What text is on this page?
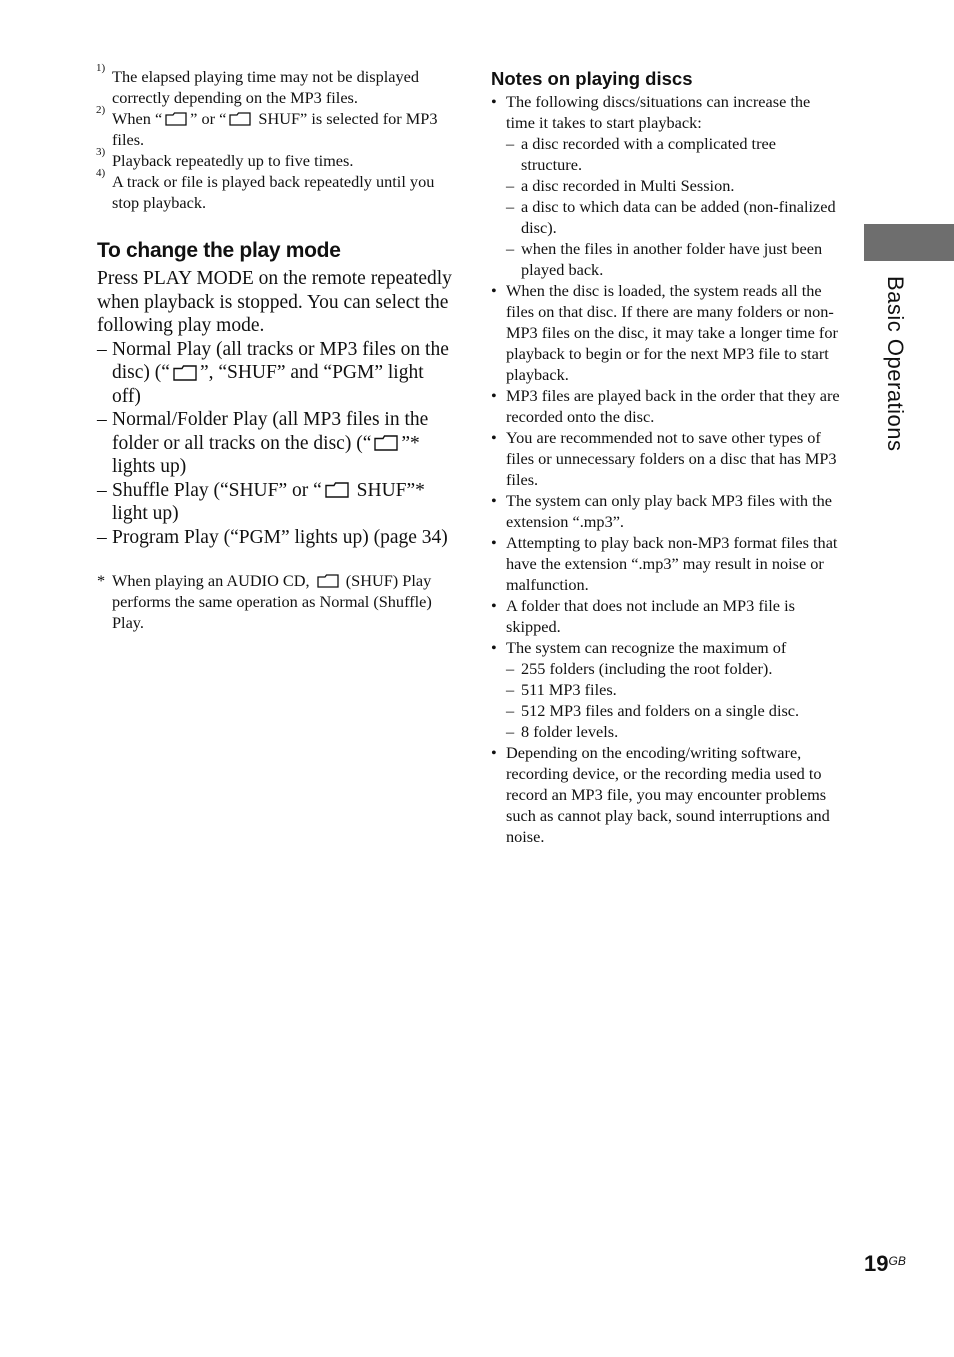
1) The elapsed playing time may not be displayed correctly depending on the MP3 files.
2) When “ ” or “ SHUF” is selected for MP3 files.
3) Playback repeatedly up to five times.
4) A track or file is played back repeatedly until you stop playback.
To change the play mode
Press PLAY MODE on the remote repeatedly when playback is stopped. You can select the following play mode.
– Normal Play (all tracks or MP3 files on the disc) (“ ”, “SHUF” and “PGM” light off)
– Normal/Folder Play (all MP3 files in the folder or all tracks on the disc) (“ ”* lights up)
– Shuffle Play (“SHUF” or “ SHUF”* light up)
– Program Play (“PGM” lights up) (page 34)
* When playing an AUDIO CD,  (SHUF) Play performs the same operation as Normal (Shuffle) Play.
Notes on playing discs
• The following discs/situations can increase the time it takes to start playback:
– a disc recorded with a complicated tree structure.
– a disc recorded in Multi Session.
– a disc to which data can be added (non-finalized disc).
– when the files in another folder have just been played back.
• When the disc is loaded, the system reads all the files on that disc. If there are many folders or non-MP3 files on the disc, it may take a longer time for playback to begin or for the next MP3 file to start playback.
• MP3 files are played back in the order that they are recorded onto the disc.
• You are recommended not to save other types of files or unnecessary folders on a disc that has MP3 files.
• The system can only play back MP3 files with the extension “.mp3”.
• Attempting to play back non-MP3 format files that have the extension “.mp3” may result in noise or malfunction.
• A folder that does not include an MP3 file is skipped.
• The system can recognize the maximum of
– 255 folders (including the root folder).
– 511 MP3 files.
– 512 MP3 files and folders on a single disc.
– 8 folder levels.
• Depending on the encoding/writing software, recording device, or the recording media used to record an MP3 file, you may encounter problems such as cannot play back, sound interruptions and noise.
Basic Operations
$19^{GB}$
